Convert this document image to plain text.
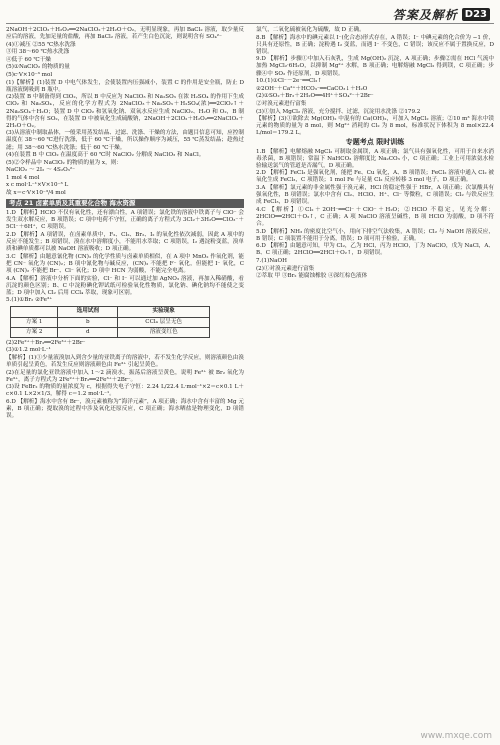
答案及解析 D23

2NaOH＋2ClO₂＋H₂O₂══2NaClO₂＋2H₂O＋O₂，无明显现象，再加 BaCl₂ 溶液，取少量反应后的溶液，先加足量的盐酸，再加 BaCl₂ 溶液，若产生白色沉淀，则说明含有 SO₄²⁻

(4)①减压 ②55 ℃热水洗涤

③用 38～60 ℃热水洗涤

④低于 60 ℃干燥

(5)①NaClO₂ 的物质的量

(5)c·V×10⁻³ mol

(1)【解析】(1)装置 D 中电气体发生，会使装置内压强减小，装置 C 的作用是安全瓶，防止 D 瓶溶液倒吸到 B 瓶中。

(2)装置 B 中制备得到 ClO₂，所以 B 中反应为 NaClO₃ 和 Na₂SO₃ 在浓 H₂SO₄ 的作用下生成 ClO₂ 和 Na₂SO₄，反应的化学方程式为 2NaClO₃＋Na₂SO₃＋H₂SO₄(浓)══2ClO₂↑＋2Na₂SO₄＋H₂O；装置 D 中 ClO₂ 和氢氧化钠、双氧水反应生成 NaClO₂、H₂O 和 O₂，B 制得的气体中含有 SO₂，在装置 D 中被氧化生成硫酸钠，2NaOH＋2ClO₂＋H₂O₂══2NaClO₂＋2H₂O＋O₂。

(3)从溶液中制取晶体，一般采用蒸发结晶、过滤、洗涤、干燥的方法，由题目信息可知，应控制温度在 38～60 ℃进行洗涤，低于 60 ℃干燥，所以操作顺序为减压，55 ℃蒸发结晶；趁热过滤；用 38～60 ℃热水洗涤；低于 60 ℃干燥。

(4)在装置 B 中 ClO₂ 在温度高于 60 ℃时 NaClO₂ 分解成 NaClO₃ 和 NaCl。

(5)②令样品中 NaClO₂ 的物质的量为 x，则：

NaClO₂ ～ 2I₂ ～ 4S₂O₃²⁻

1 mol 4 mol

x c mol·L⁻¹×V×10⁻³ L

故 x＝c·V×10⁻³/4 mol

考点 21 卤素单质及其重要化合物 海水资源

1.D 【解析】HClO 不仅有氧化性，还有漂白性，A 项错误；氯化铁的溶液中铁离子与 ClO⁻ 会发生双水解反应，B 项错误；C 项中电荷不守恒，正确的离子方程式为 3Cl₂＋3H₂O══ClO₃⁻＋5Cl⁻＋6H⁺，C 项错误。

2.D 【解析】A 项错误，在卤素单质中，F₂、Cl₂、Br₂、I₂ 的氧化性依次减弱，因此 A 项中的反应不能发生；B 项错误，溴在水中溶解度小，不能用水萃取；C 项错误，I₂ 遇淀粉变蓝，溴单质和碘单质都可以被 NaOH 溶液吸收；D 项正确。

3.C 【解析】由题意氰化物 (CN)₂ 的化学性质与卤素单质相似，在 A 项中 MnO₂ 作氧化剂，能把 CN⁻ 氧化为 (CN)₂；B 项中氰化物与碱反应，(CN)₂ 不能把 F⁻ 氧化，但能把 I⁻ 氧化，C 项 (CN)₂ 不能把 Br⁻、Cl⁻ 氧化；D 项中 HCN 为弱酸，不能完全电离。

4.A 【解析】溶液中分析下面的实验，Cl⁻ 和 I⁻ 可以通过加 AgNO₃ 溶液，再加入稀硝酸，看沉淀的颜色区别；B、C 中淀粉碘化钾试纸可检验氧化性物质，氯化钠、碘化钠均不能使之变蓝；D 项中加入 Cl₂ 后用 CCl₄ 萃取，现象可区别。

5.(1)①Br₂ ②Fe³⁺

	选用试剂	实验现象
方案 1	b	CCl₄ 层呈无色
方案 2	d	溶液变红色

(2)2Fe²⁺＋Br₂══2Fe³⁺＋2Br⁻

(3)①1.2 mol·L⁻¹

【解析】(1)①少量液溴加入到含少量的亚铁离子的溶液中，若不发生化学反应，则溶液颜色由溴单质引起呈黄色，若发生反应则溶液颜色由 Fe³⁺ 引起呈黄色。

(2)在足量的氯化亚铁溶液中加入 1～2 滴溴水，振荡后溶液呈黄色，说明 Fe²⁺ 被 Br₂ 氧化为 Fe³⁺，离子方程式为 2Fe²⁺＋Br₂══2Fe³⁺＋2Br⁻。

(3)设 FeBr₂ 的物质的量浓度为 c，根据得失电子守恒：2.24 L/22.4 L·mol⁻¹×2＝c×0.1 L＋c×0.1 L×2×1/3，解得 c＝1.2 mol·L⁻¹。

6.D 【解析】海水中含有 Br⁻，溴元素被称为“海洋元素”，A 项正确；海水中含有丰富的 Mg 元素，B 项正确；提取溴的过程中涉及氧化还原反应，C 项正确；海水晒盐是物理变化，D 项错误。

氯气，二氧化硫被氧化为硫酸，故 D 正确。

8.B 【解析】海水中的碘元素以 I⁻(化合态)形式存在，A 错误；I⁻ 中碘元素的化合价为 −1 价，只具有还原性，B 正确；淀粉遇 I₂ 变蓝，而遇 I⁻ 不变色，C 错误；该反应不属于置换反应，D 错误。

9.D 【解析】步骤①中加入石灰乳，生成 Mg(OH)₂ 沉淀，A 项正确；步骤②需在 HCl 气流中加热 MgCl₂·6H₂O，以抑制 Mg²⁺ 水解，B 项正确；电解熔融 MgCl₂ 得到镁，C 项正确；步骤④中 SO₂ 作还原剂，D 项错误。

10.(1)①Cl⁻－2e⁻══Cl₂↑

②2OH⁻＋Ca²⁺＋HCO₃⁻══CaCO₃↓＋H₂O

(2)①SO₂＋Br₂＋2H₂O══4H⁺＋SO₄²⁻＋2Br⁻

②对溴元素进行富集

(3)①加入 MgCl₂ 溶液，充分搅拌、过滤，沉淀用水洗涤 ②179.2

【解析】(3)①欲除去 Mg(OH)₂ 中混有的 Ca(OH)₂，可加入 MgCl₂ 溶液；②10 m³ 海水中镁元素的物质的量为 8 mol，则 Mg²⁺ 消耗的 Cl₂ 为 8 mol，标准状况下体积为 8 mol×22.4 L/mol＝179.2 L。

专题考点 限时训练

1.B 【解析】电解熔融 MgCl₂ 可制取金属镁，A 项正确；氯气具有强氧化性，可用于自来水消毒杀菌，B 项错误；常温下 NaHCO₃ 溶解度比 Na₂CO₃ 小，C 项正确；工业上可用浓氨水检验输送氯气的管道是否漏气，D 项正确。

2.D 【解析】FeCl₃ 是强氧化剂，能把 Fe、Cu 氧化，A、B 项错误；FeCl₂ 溶液中通入 Cl₂ 被氧化生成 FeCl₃，C 项错误；1 mol Fe 与足量 Cl₂ 反应转移 3 mol 电子，D 项正确。

3.A 【解析】氯元素的非金属性强于溴元素，HCl 的稳定性强于 HBr，A 项正确；次氯酸具有强氧化性，B 项错误；氯水中含有 Cl₂、HClO、H⁺、Cl⁻ 等微粒，C 项错误；Cl₂ 与铁反应生成 FeCl₃，D 项错误。

4.C 【解析】①Cl₂＋2OH⁻══Cl⁻＋ClO⁻＋H₂O；②HClO 不稳定，见光分解：2HClO══2HCl＋O₂↑，C 正确；A 项 NaClO 溶液呈碱性，B 项 HClO 为弱酸，D 项不符合。

5.D 【解析】NH₃ 的密度比空气小，用向下排空气法收集，A 错误；Cl₂ 与 NaOH 溶液反应，B 错误；C 项装置不能用于分离，错误；D 项可用于检验，正确。

6.D 【解析】由题意可知，甲为 Cl₂，乙为 HCl，丙为 HClO，丁为 NaClO，戊为 NaCl，A、B、C 项正确；2HClO══2HCl＋O₂↑，D 项错误。

7.(1)NaOH

(2)①对溴元素进行富集

②萃取 甲 ③Br₂ 能腐蚀橡胶 ④深红棕色液体

www.mxqe.com
